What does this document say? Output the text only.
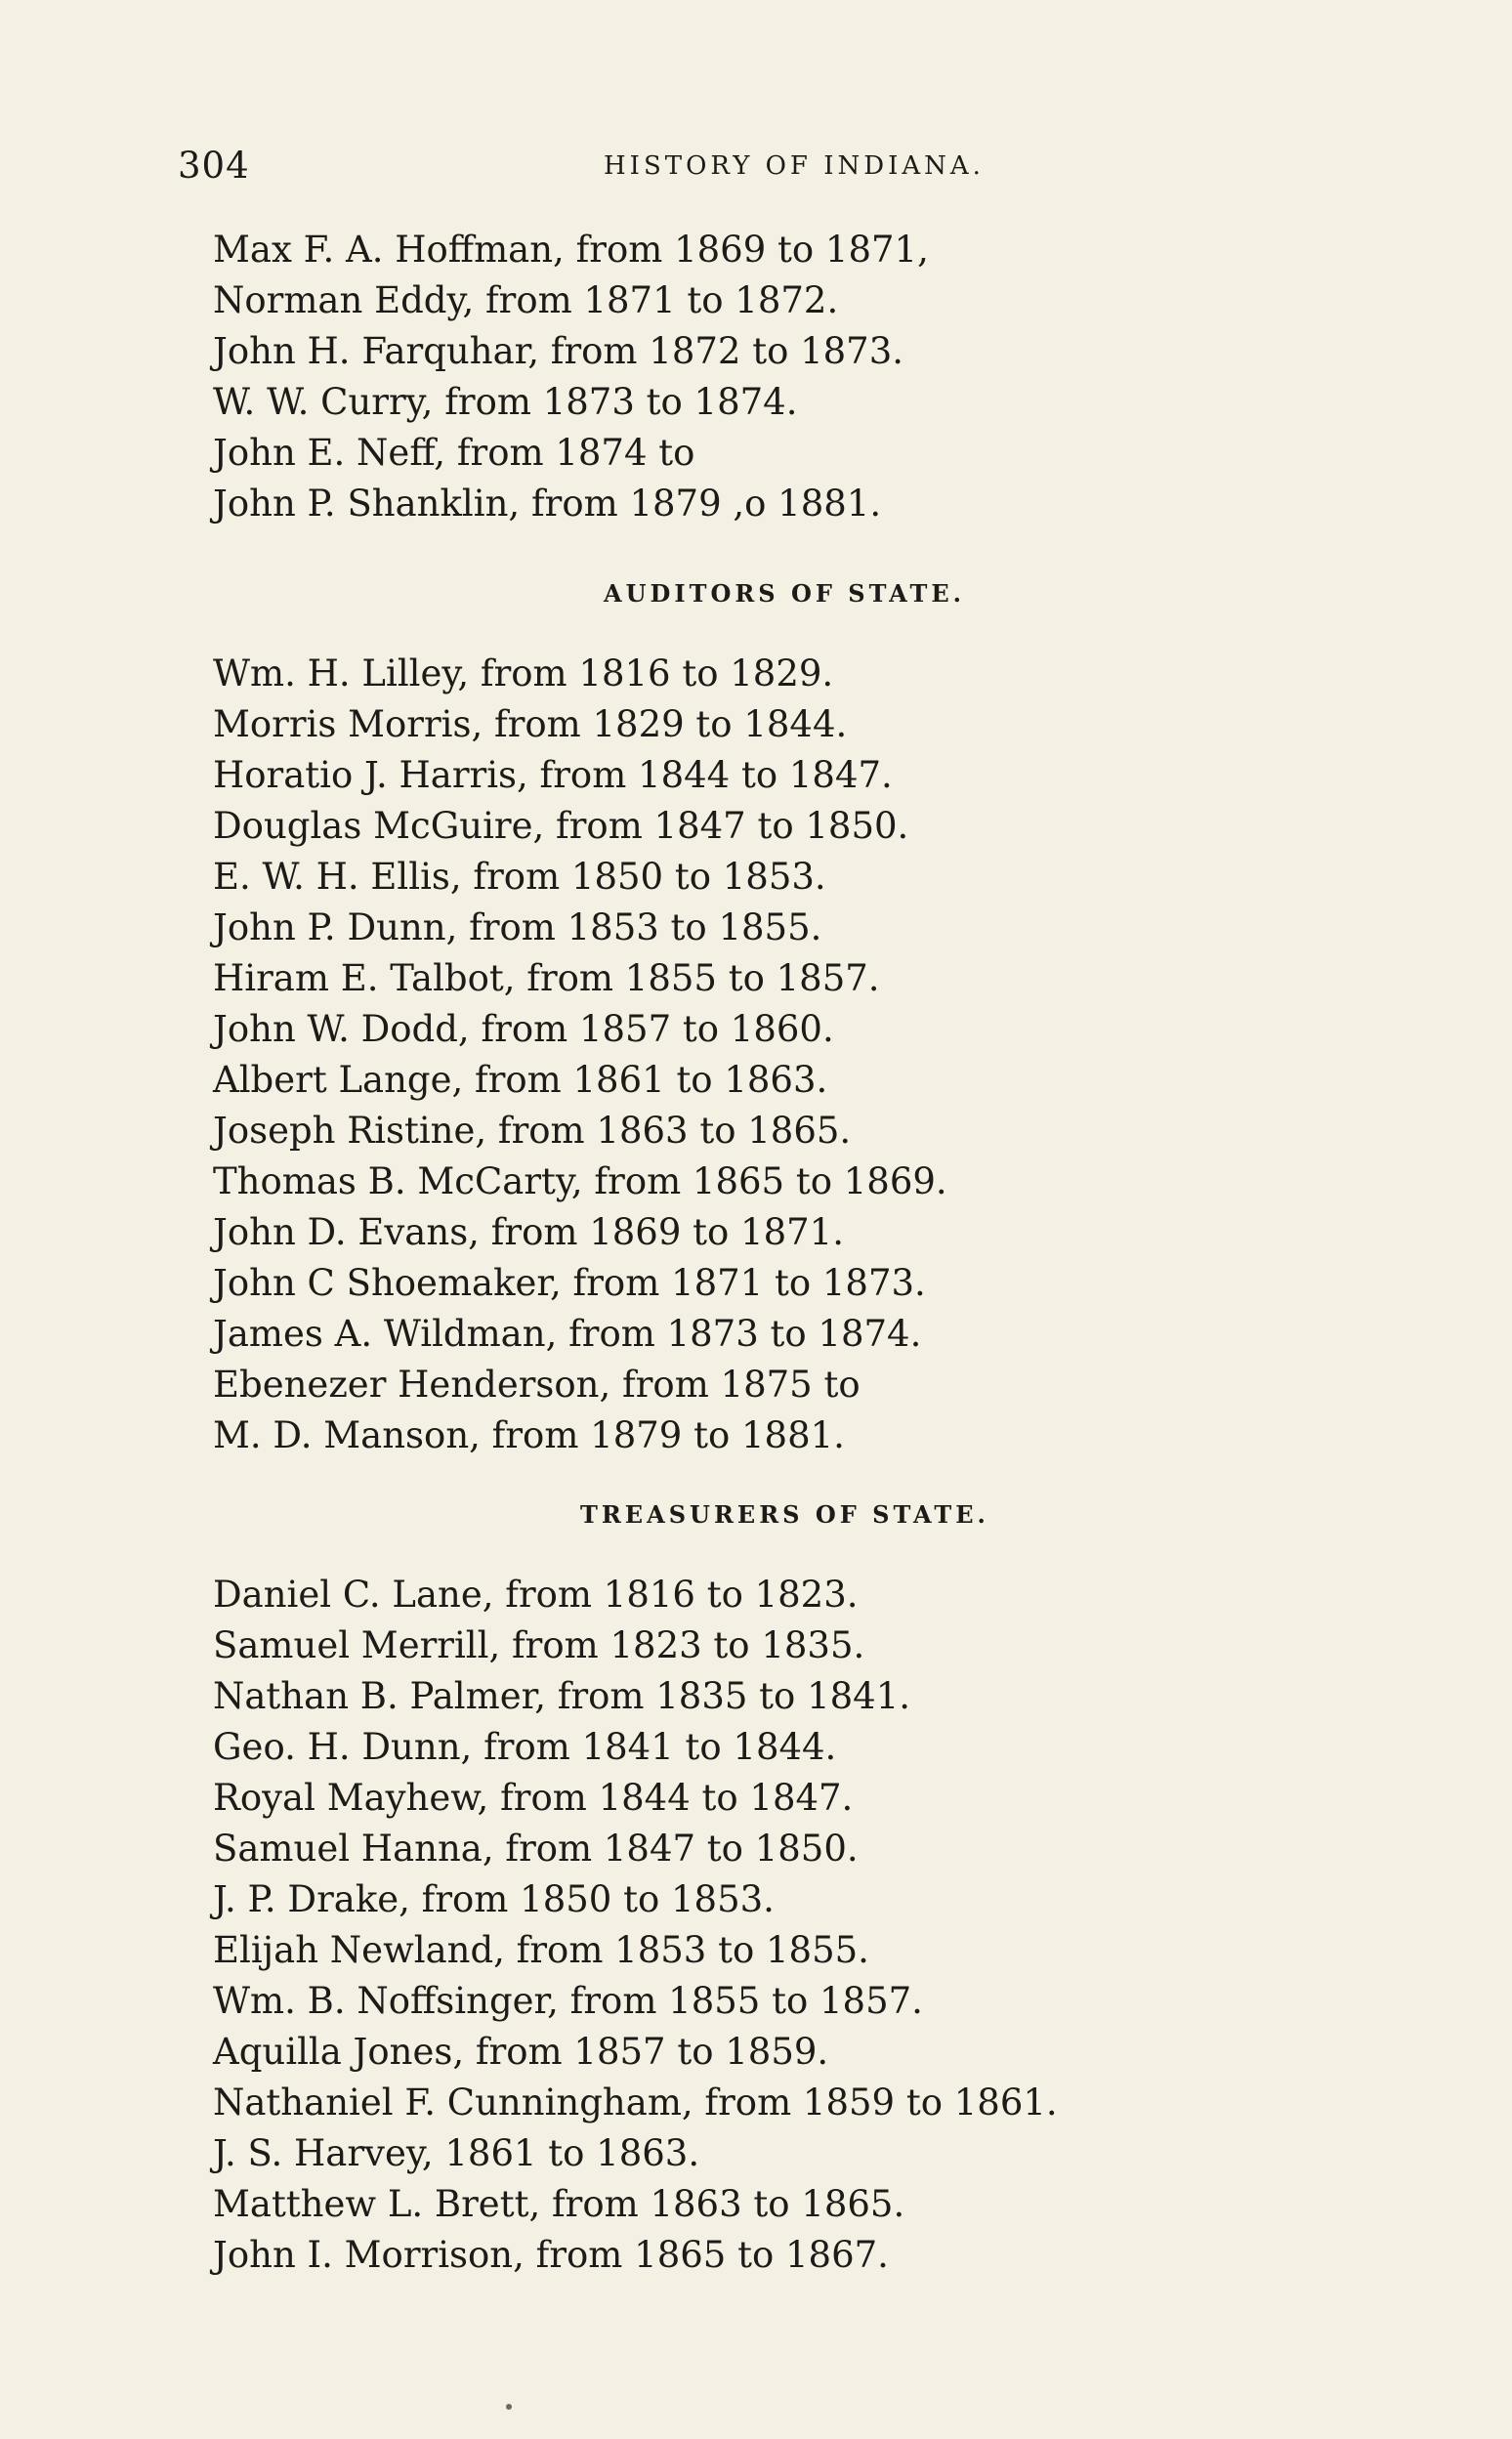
304	HISTORY OF INDIANA.
Max F. A. Hoffman, from 1869 to 1871,
Norman Eddy, from 1871 to 1872.
John H. Farquhar, from 1872 to 1873.
W. W. Curry, from 1873 to 1874.
John E. Neff, from 1874 to
John P. Shanklin, from 1879 ,o 1881.
AUDITORS OF STATE.
Wm. H. Lilley, from 1816 to 1829.
Morris Morris, from 1829 to 1844.
Horatio J. Harris, from 1844 to 1847.
Douglas McGuire, from 1847 to 1850.
E. W. H. Ellis, from 1850 to 1853.
John P. Dunn, from 1853 to 1855.
Hiram E. Talbot, from 1855 to 1857.
John W. Dodd, from 1857 to 1860.
Albert Lange, from 1861 to 1863.
Joseph Ristine, from 1863 to 1865.
Thomas B. McCarty, from 1865 to 1869.
John D. Evans, from 1869 to 1871.
John C Shoemaker, from 1871 to 1873.
James A. Wildman, from 1873 to 1874.
Ebenezer Henderson, from 1875 to
M. D. Manson, from 1879 to 1881.
TREASURERS OF STATE.
Daniel C. Lane, from 1816 to 1823.
Samuel Merrill, from 1823 to 1835.
Nathan B. Palmer, from 1835 to 1841.
Geo. H. Dunn, from 1841 to 1844.
Royal Mayhew, from 1844 to 1847.
Samuel Hanna, from 1847 to 1850.
J. P. Drake, from 1850 to 1853.
Elijah Newland, from 1853 to 1855.
Wm. B. Noffsinger, from 1855 to 1857.
Aquilla Jones, from 1857 to 1859.
Nathaniel F. Cunningham, from 1859 to 1861.
J. S. Harvey, 1861 to 1863.
Matthew L. Brett, from 1863 to 1865.
John I. Morrison, from 1865 to 1867.
